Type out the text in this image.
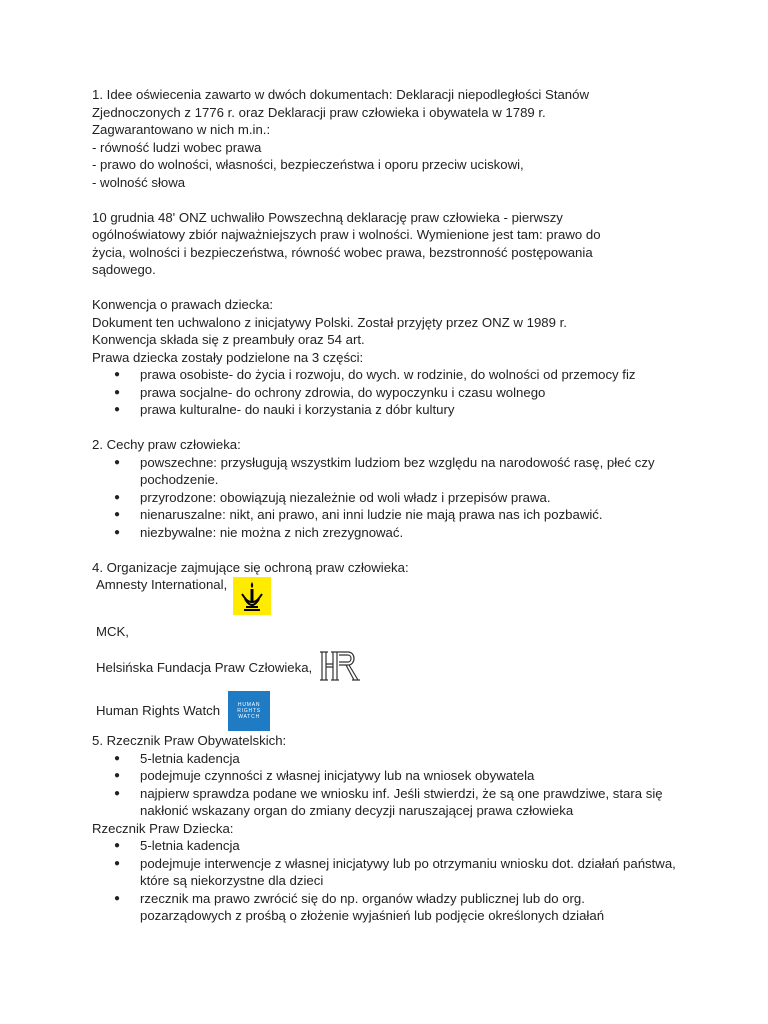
1. Idee oświecenia zawarto w dwóch dokumentach: Deklaracji niepodległości Stanów
Zjednoczonych z 1776 r. oraz Deklaracji praw człowieka i obywatela w 1789 r.
Zagwarantowano w nich m.in.:
- równość ludzi wobec prawa
- prawo do wolności, własności, bezpieczeństwa i oporu przeciw uciskowi,
- wolność słowa
10 grudnia 48' ONZ uchwaliło Powszechną deklarację praw człowieka - pierwszy
ogólnoświatowy zbiór najważniejszych praw i wolności. Wymienione jest tam: prawo do
życia, wolności i bezpieczeństwa, równość wobec prawa, bezstronność postępowania
sądowego.
Konwencja o prawach dziecka:
Dokument ten uchwalono z inicjatywy Polski. Został przyjęty przez ONZ w 1989 r.
Konwencja składa się z preambuły oraz 54 art.
Prawa dziecka zostały podzielone na 3 części:
● prawa osobiste- do życia i rozwoju, do wych. w rodzinie, do wolności od przemocy fiz
● prawa socjalne- do ochrony zdrowia, do wypoczynku i czasu wolnego
● prawa kulturalne- do nauki i korzystania z dóbr kultury
2. Cechy praw człowieka:
● powszechne: przysługują wszystkim ludziom bez względu na narodowość rasę, płeć czy pochodzenie.
● przyrodzone: obowiązują niezależnie od woli władz i przepisów prawa.
● nienaruszalne: nikt, ani prawo, ani inni ludzie nie mają prawa nas ich pozbawić.
● niezbywalne: nie można z nich zrezygnować.
4. Organizacje zajmujące się ochroną praw człowieka:
Amnesty International,
MCK,
Helsińska Fundacja Praw Człowieka,
Human Rights Watch	HUMAN
RIGHTS
WATCH
5. Rzecznik Praw Obywatelskich:
● 5-letnia kadencja
● podejmuje czynności z własnej inicjatywy lub na wniosek obywatela
● najpierw sprawdza podane we wniosku inf. Jeśli stwierdzi, że są one prawdziwe, stara się nakłonić wskazany organ do zmiany decyzji naruszającej prawa człowieka
Rzecznik Praw Dziecka:
● 5-letnia kadencja
● podejmuje interwencje z własnej inicjatywy lub po otrzymaniu wniosku dot. działań państwa, które są niekorzystne dla dzieci
● rzecznik ma prawo zwrócić się do np. organów władzy publicznej lub do org. pozarządowych z prośbą o złożenie wyjaśnień lub podjęcie określonych działań
